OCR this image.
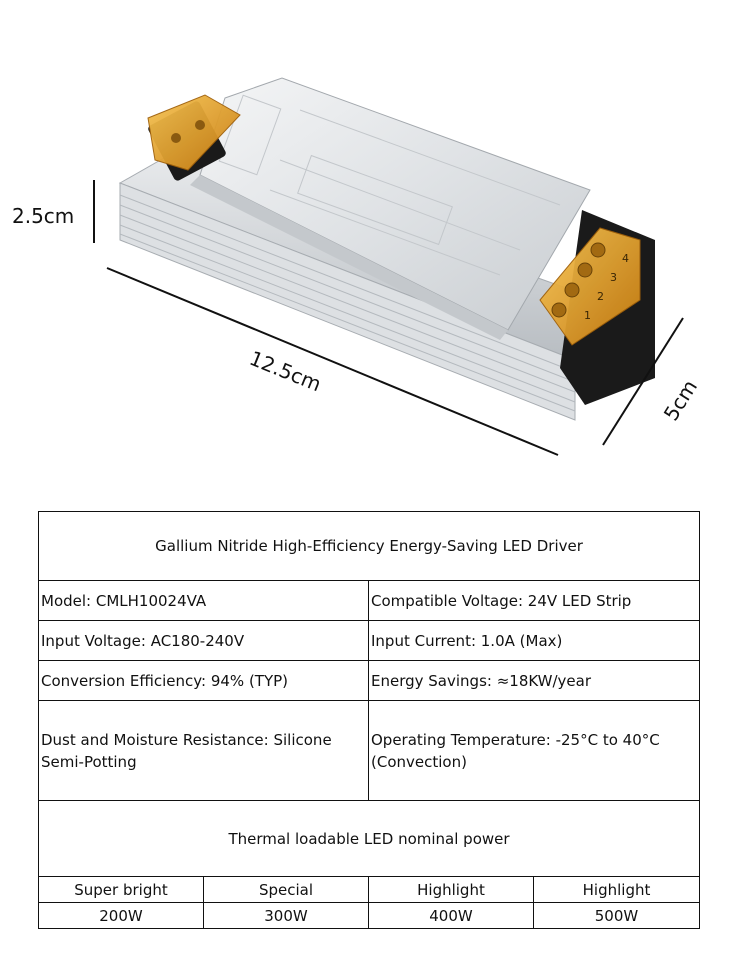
4
3
2
1
2.5cm
12.5cm
5cm
Gallium Nitride High-Efficiency Energy-Saving LED Driver			
Model: CMLH10024VA		Compatible Voltage: 24V LED Strip	
Input Voltage: AC180-240V		Input Current: 1.0A (Max)	
Conversion Efficiency: 94% (TYP)		Energy Savings: ≈18KW/year	
Dust and Moisture Resistance: Silicone Semi-Potting		Operating Temperature: -25°C to 40°C (Convection)	
Thermal loadable LED nominal power			
Super bright	Special	Highlight	Highlight
200W	300W	400W	500W
